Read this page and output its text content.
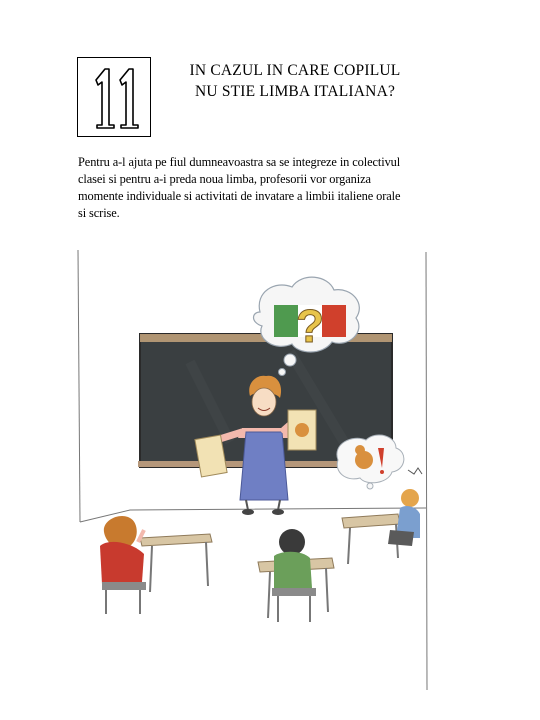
IN CAZUL IN CARE COPILUL
NU STIE LIMBA ITALIANA?
Pentru a-l ajuta pe fiul dumneavoastra sa se integreze in colectivul
clasei si pentru a-i preda noua limba, profesorii vor organiza
momente individuale si activitati de invatare a limbii italiene orale
si scrise.
?
